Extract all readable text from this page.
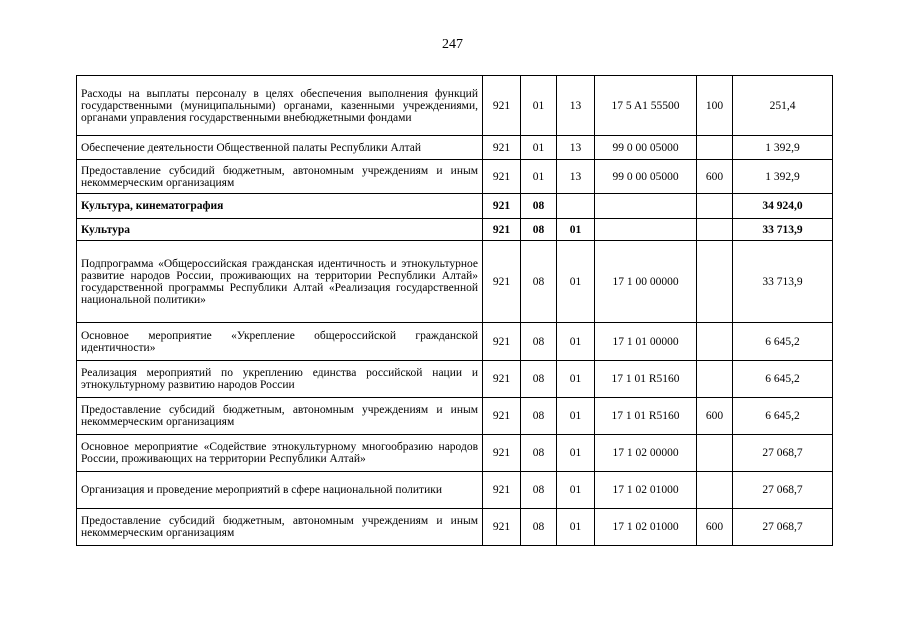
247
Расходы на выплаты персоналу в целях обеспечения выполнения функций государственными (муниципальными) органами, казенными учреждениями, органами управления государственными внебюджетными фондами	921	01	13	17 5 A1 55500	100	251,4
Обеспечение деятельности Общественной палаты Республики Алтай	921	01	13	99 0 00 05000		1 392,9
Предоставление субсидий бюджетным, автономным учреждениям и иным некоммерческим организациям	921	01	13	99 0 00 05000	600	1 392,9
Культура, кинематография	921	08				34 924,0
Культура	921	08	01			33 713,9
Подпрограмма «Общероссийская гражданская идентичность и этнокультурное развитие народов России, проживающих на территории Республики Алтай» государственной программы Республики Алтай «Реализация государственной национальной политики»	921	08	01	17 1 00 00000		33 713,9
Основное мероприятие «Укрепление общероссийской гражданской идентичности»	921	08	01	17 1 01 00000		6 645,2
Реализация мероприятий по укреплению единства российской нации и этнокультурному развитию народов России	921	08	01	17 1 01 R5160		6 645,2
Предоставление субсидий бюджетным, автономным учреждениям и иным некоммерческим организациям	921	08	01	17 1 01 R5160	600	6 645,2
Основное мероприятие «Содействие этнокультурному многообразию народов России, проживающих на территории Республики Алтай»	921	08	01	17 1 02 00000		27 068,7
Организация и проведение мероприятий в сфере национальной политики	921	08	01	17 1 02 01000		27 068,7
Предоставление субсидий бюджетным, автономным учреждениям и иным некоммерческим организациям	921	08	01	17 1 02 01000	600	27 068,7
